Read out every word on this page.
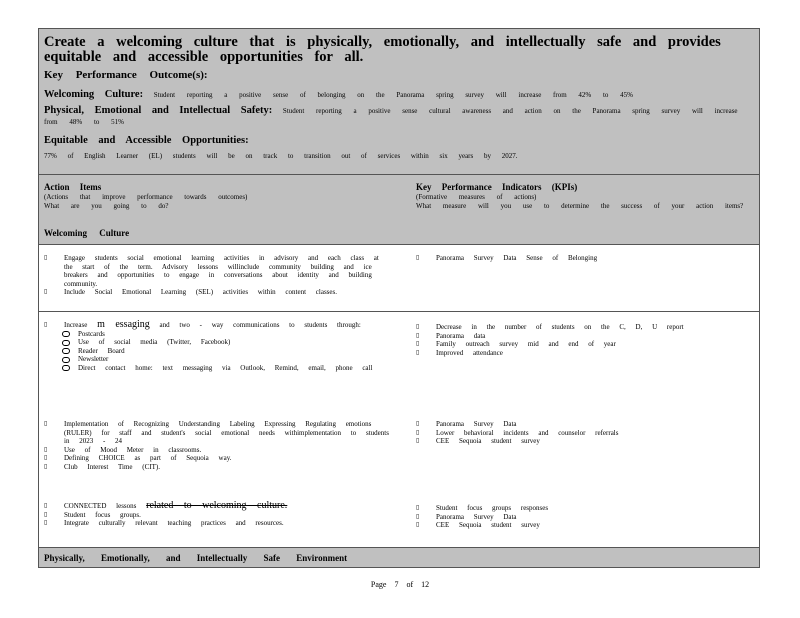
Create a welcoming culture that is physically, emotionally, and intellectually safe and provides equitable and accessible opportunities for all.

Key Performance Outcome(s):
Welcoming Culture: Student reporting a positive sense of belonging on the Panorama spring survey will increase from 42% to 45%
Physical, Emotional and Intellectual Safety: Student reporting a positive sense cultural awareness and action on the Panorama spring survey will increase from 48% to 51%
Equitable and Accessible Opportunities:
77% of English Learner (EL) students will be on track to transition out of services within six years by 2027.
Action Items
(Actions that improve performance towards outcomes)
What are you going to do?
Key Performance Indicators (KPIs)
(Formative measures of actions)
What measure will you use to determine the success of your action items?
Welcoming Culture
▯ Engage students social emotional learning activities in advisory and each class at the start of the term. Advisory lessons willinclude community building and ice breakers and opportunities to engage in conversations about identity and building community.
▯ Include Social Emotional Learning (SEL) activities within content classes.
▯ Panorama Survey Data Sense of Belonging
▯ Increase m essaging and two - way communications to students through:
Postcards
Use of social media (Twitter, Facebook)
Reader Board
Newsletter
Direct contact home: text messaging via Outlook, Remind, email, phone call
▯ Decrease in the number of students on the C, D, U report
▯ Panorama data
▯ Family outreach survey mid and end of year
▯ Improved attendance
▯ Implementation of Recognizing Understanding Labeling Expressing Regulating emotions (RULER) for staff and student's social emotional needs withimplementation to students in 2023 - 24
▯ Use of Mood Meter in classrooms.
▯ Defining CHOICE as part of Sequoia way.
▯ Club Interest Time (CIT).
▯ Panorama Survey Data
▯ Lower behavioral incidents and counselor referrals
▯ CEE Sequoia student survey
▯ CONNECTED lessons related to welcoming culture.
▯ Student focus groups.
▯ Integrate culturally relevant teaching practices and resources.
▯ Student focus groups responses
▯ Panorama Survey Data
▯ CEE Sequoia student survey
Physically, Emotionally, and Intellectually Safe Environment
Page 7 of 12
